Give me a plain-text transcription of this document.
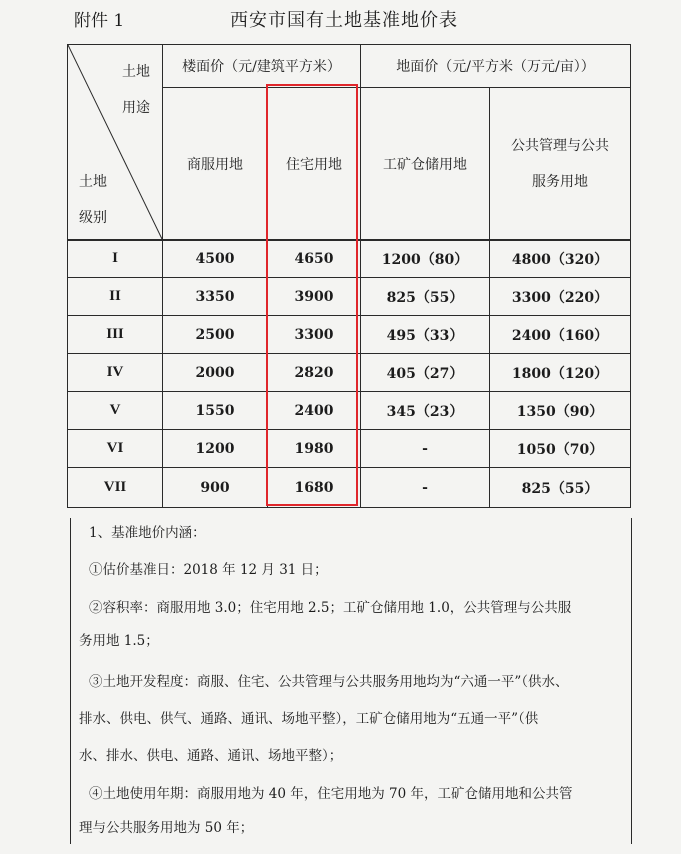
附件 1	西安市国有土地基准地价表
土地
用途
土地
级别
楼面价（元/建筑平方米）	地面价（元/平方米（万元/亩））
商服用地	住宅用地	工矿仓储用地
公共管理与公共
服务用地
I	4500	4650	1200（80）	4800（320）
II	3350	3900	825（55）	3300（220）
III	2500	3300	495（33）	2400（160）
IV	2000	2820	405（27）	1800（120）
V	1550	2400	345（23）	1350（90）
VI	1200	1980	-	1050（70）
VII	900	1680	-	825（55）
1、基准地价内涵：
①估价基准日：2018 年 12 月 31 日；
②容积率：商服用地 3.0；住宅用地 2.5；工矿仓储用地 1.0，公共管理与公共服
务用地 1.5；
③土地开发程度：商服、住宅、公共管理与公共服务用地均为“六通一平”（供水、
排水、供电、供气、通路、通讯、场地平整），工矿仓储用地为“五通一平”（供
水、排水、供电、通路、通讯、场地平整）；
④土地使用年期：商服用地为 40 年，住宅用地为 70 年，工矿仓储用地和公共管
理与公共服务用地为 50 年；
